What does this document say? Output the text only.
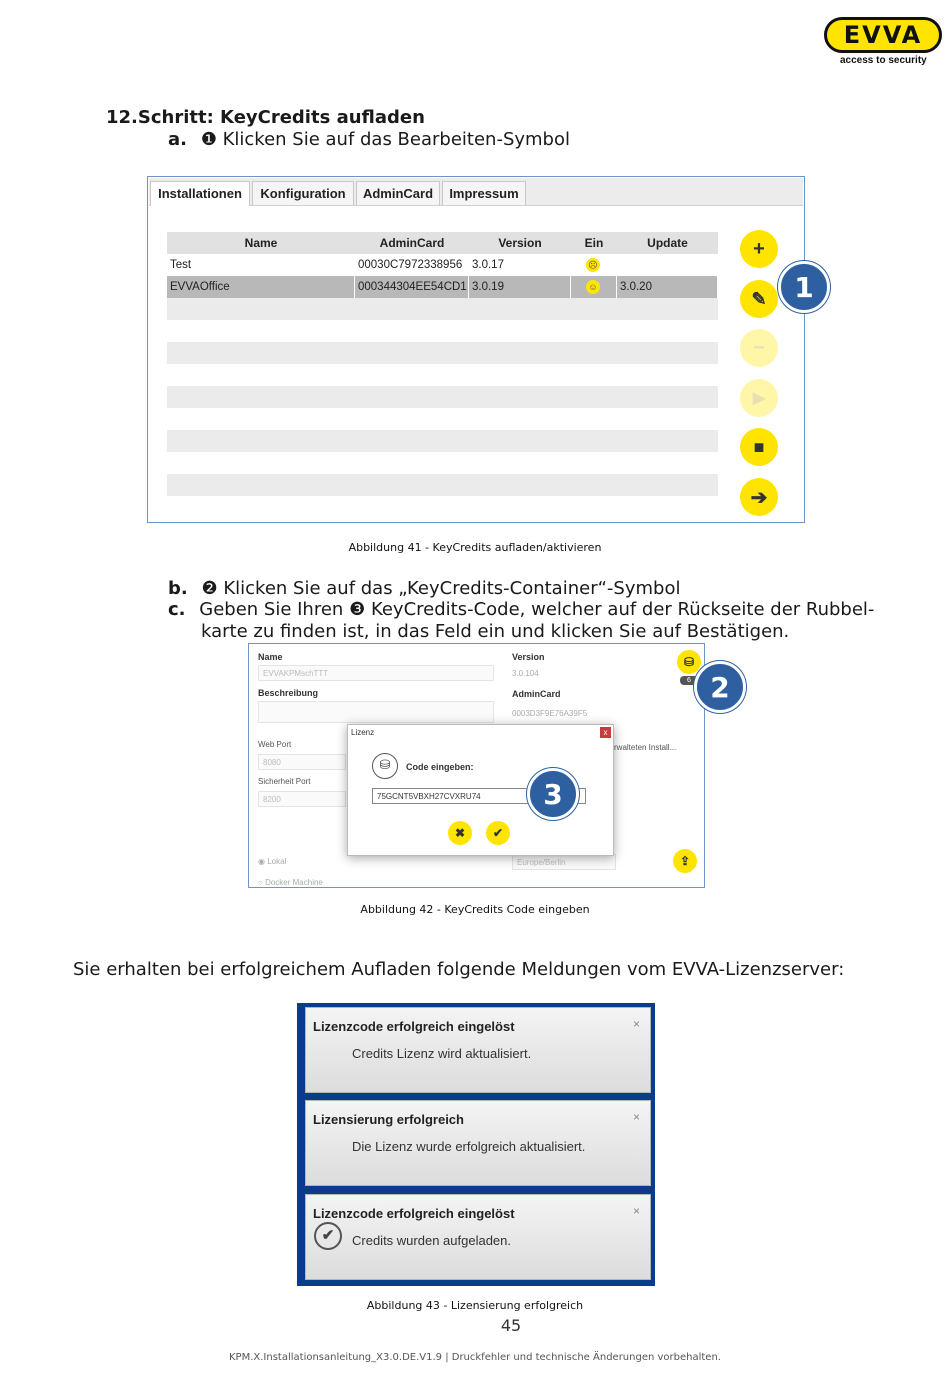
EVVA
access to security
12.Schritt: KeyCredits aufladen
a. ❶ Klicken Sie auf das Bearbeiten-Symbol
Installationen	Konfiguration	AdminCard	Impressum
Name	AdminCard	Version	Ein	Update
Test	00030C7972338956 3.0.17	☹
EVVAOffice	000344304EE54CD1 3.0.19	☺	3.0.20
+
✎
−
▶
■
➔
1
Abbildung 41 - KeyCredits aufladen/aktivieren
b. ❷ Klicken Sie auf das „KeyCredits-Container“-Symbol
c. Geben Sie Ihren ❸ KeyCredits-Code, welcher auf der Rückseite der Rubbel-
karte zu finden ist, in das Feld ein und klicken Sie auf Bestätigen.
Name
EVVAKPMschTTT
Beschreibung
Version
3.0.104
AdminCard
0003D3F9E76A39F5
Web Port
8080
Sicherheit Port
8200
rwalteten Install...
◉ Lokal
○ Docker Machine
Europe/Berlin
⛁
6
⇪
Lizenz	x
⛁	Code eingeben:
75GCNT5VBXH27CVXRU74
✖	✔
2
3
Abbildung 42 - KeyCredits Code eingeben
Sie erhalten bei erfolgreichem Aufladen folgende Meldungen vom EVVA-Lizenzserver:
Lizenzcode erfolgreich eingelöst	×
Credits Lizenz wird aktualisiert.
Lizensierung erfolgreich	×
Die Lizenz wurde erfolgreich aktualisiert.
Lizenzcode erfolgreich eingelöst	×
✔	Credits wurden aufgeladen.
Abbildung 43 - Lizensierung erfolgreich
45
KPM.X.Installationsanleitung_X3.0.DE.V1.9 | Druckfehler und technische Änderungen vorbehalten.
